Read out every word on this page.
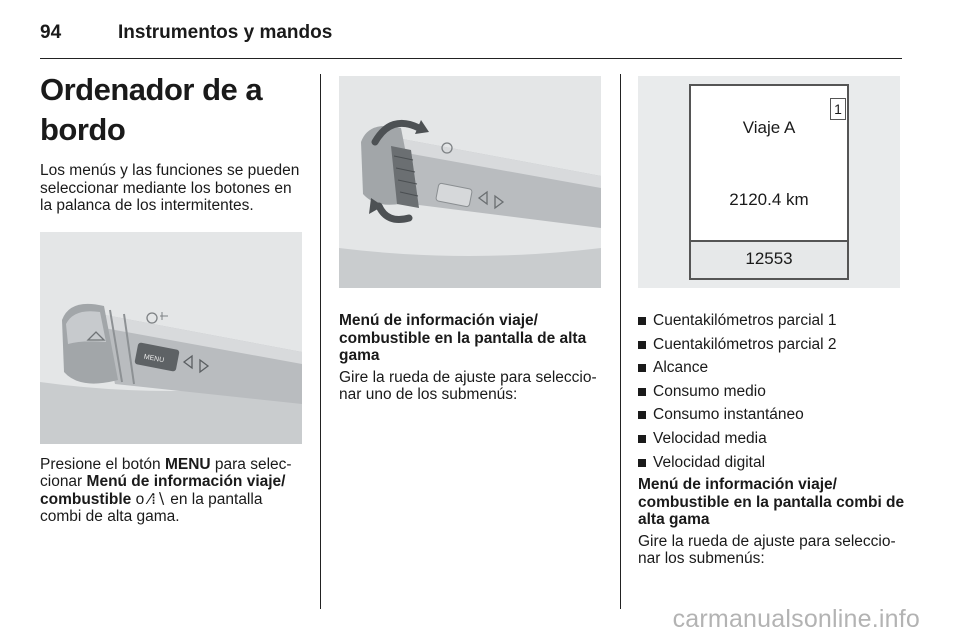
94	Instrumentos y mandos
Ordenador de a bordo

Los menús y las funciones se pueden seleccionar mediante los botones en la palanca de los intermitentes.

MENU

Presione el botón MENU para seleccionar Menú de información viaje/ combustible o ⁄⁞∖ en la pantalla combi de alta gama.

Menú de información viaje/ combustible en la pantalla de alta gama

Gire la rueda de ajuste para seleccionar uno de los submenús:

1
Viaje A
2120.4 km
12553
Cuentakilómetros parcial 1
Cuentakilómetros parcial 2
Alcance
Consumo medio
Consumo instantáneo
Velocidad media
Velocidad digital

Menú de información viaje/ combustible en la pantalla combi de alta gama

Gire la rueda de ajuste para seleccionar los submenús:

carmanualsonline.info
